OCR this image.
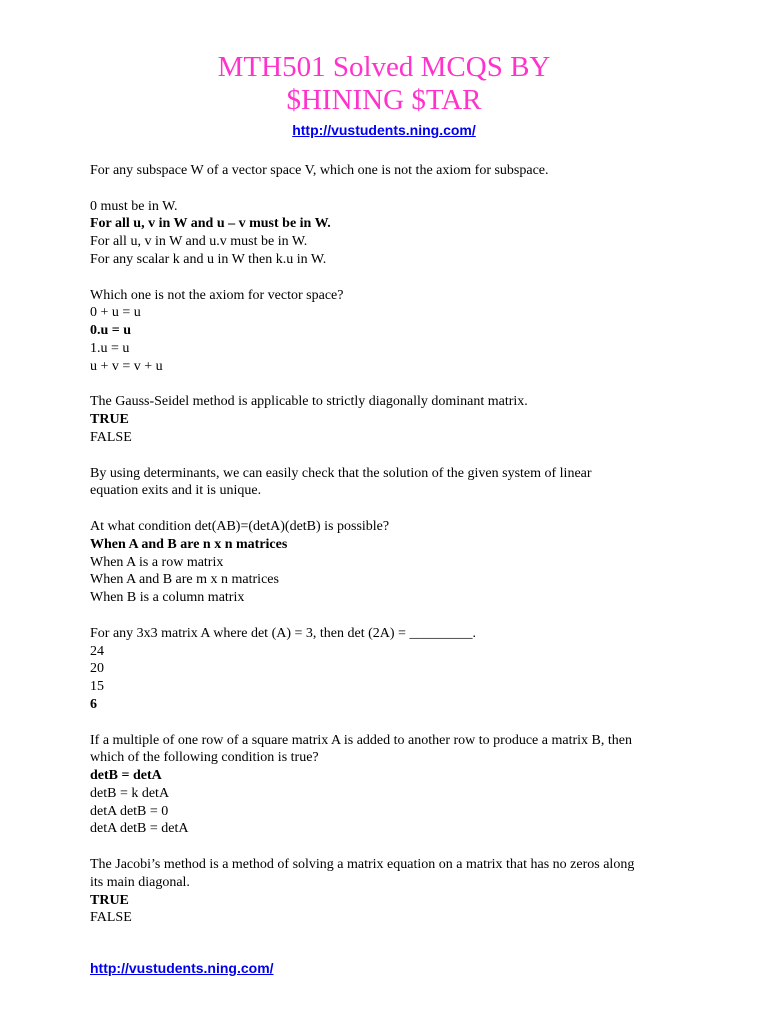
MTH501 Solved MCQS BY
$HINING $TAR
http://vustudents.ning.com/
For any subspace W of a vector space V, which one is not the axiom for subspace.
0 must be in W.
For all u, v in W and u – v must be in W.
For all u, v in W and u.v must be in W.
For any scalar k and u in W then k.u in W.
Which one is not the axiom for vector space?
0 + u = u
0.u = u
1.u = u
u + v = v + u
The Gauss-Seidel method is applicable to strictly diagonally dominant matrix.
TRUE
FALSE
By using determinants, we can easily check that the solution of the given system of linear
equation exits and it is unique.
At what condition det(AB)=(detA)(detB) is possible?
When A and B are n x n matrices
When A is a row matrix
When A and B are m x n matrices
When B is a column matrix
For any 3x3 matrix A where det (A) = 3, then det (2A) = _________.
24
20
15
6
If a multiple of one row of a square matrix A is added to another row to produce a matrix B, then
which of the following condition is true?
detB = detA
detB = k detA
detA detB = 0
detA detB = detA
The Jacobi’s method is a method of solving a matrix equation on a matrix that has no zeros along
its main diagonal.
TRUE
FALSE
http://vustudents.ning.com/
